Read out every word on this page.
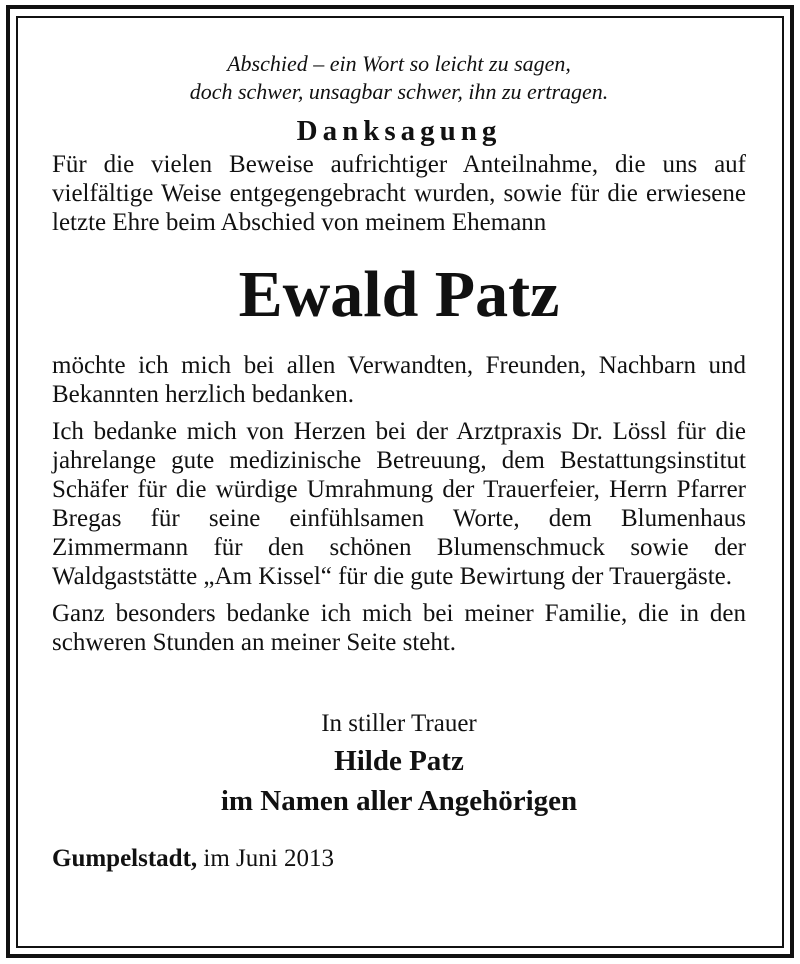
Abschied – ein Wort so leicht zu sagen,

doch schwer, unsagbar schwer, ihn zu ertragen.

Danksagung

Für die vielen Beweise aufrichtiger Anteilnahme, die uns auf vielfältige Weise entgegengebracht wurden, sowie für die erwiesene letzte Ehre beim Abschied von meinem Ehemann

Ewald Patz

möchte ich mich bei allen Verwandten, Freunden, Nachbarn und Bekannten herzlich bedanken.

Ich bedanke mich von Herzen bei der Arztpraxis Dr. Lössl für die jahrelange gute medizinische Betreuung, dem Bestattungsinstitut Schäfer für die würdige Umrahmung der Trauerfeier, Herrn Pfarrer Bregas für seine einfühlsamen Worte, dem Blumenhaus Zimmermann für den schönen Blumenschmuck sowie der Waldgaststätte „Am Kissel“ für die gute Bewirtung der Trauergäste.

Ganz besonders bedanke ich mich bei meiner Familie, die in den schweren Stunden an meiner Seite steht.

In stiller Trauer

Hilde Patz

im Namen aller Angehörigen

Gumpelstadt, im Juni 2013
